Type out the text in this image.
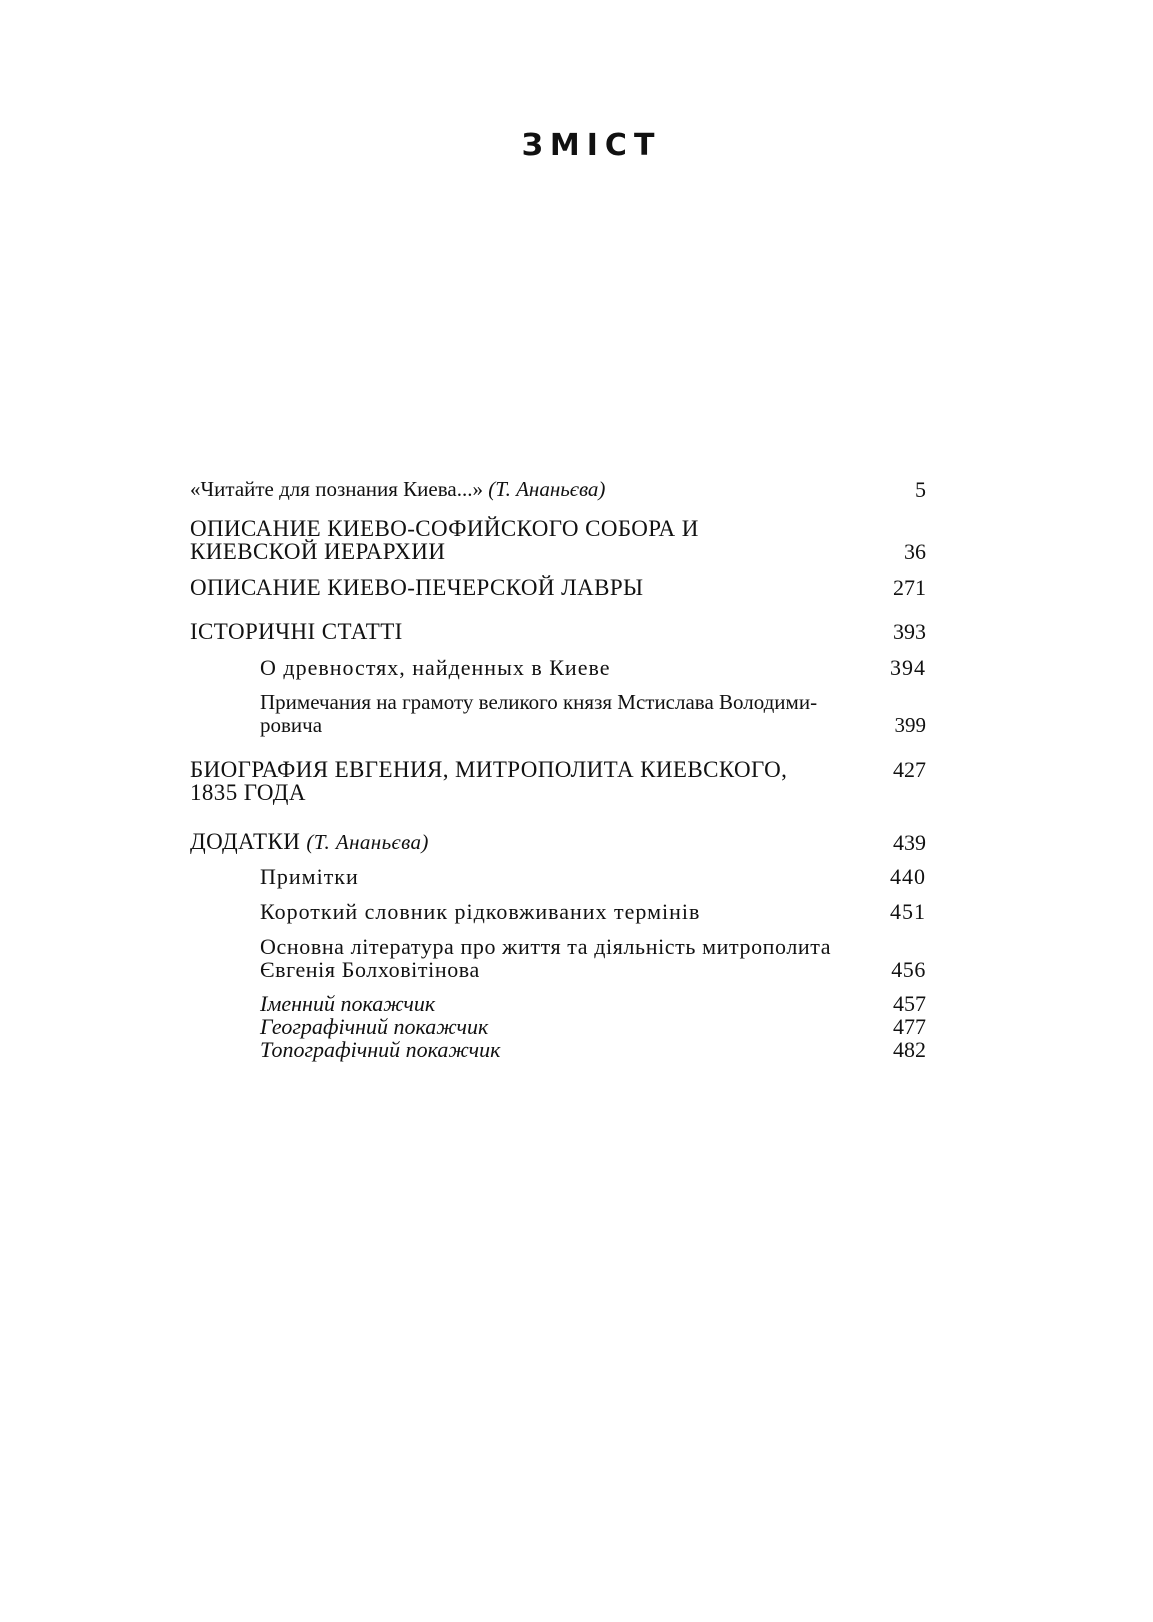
ЗМІСТ
«Читайте для познания Киева...» (Т. Ананьєва)	5
ОПИСАНИЕ КИЕВО-СОФИЙСКОГО СОБОРА И
КИЕВСКОЙ ИЕРАРХИИ	36
ОПИСАНИЕ КИЕВО-ПЕЧЕРСКОЙ ЛАВРЫ	271
ІСТОРИЧНІ СТАТТІ	393
О древностях, найденных в Киеве	394
Примечания на грамоту великого князя Мстислава Володими-
ровича	399
БИОГРАФИЯ ЕВГЕНИЯ, МИТРОПОЛИТА КИЕВСКОГО,
1835 ГОДА
427
ДОДАТКИ (Т. Ананьєва)	439
Примітки	440
Короткий словник рідковживаних термінів	451
Основна література про життя та діяльність митрополита
Євгенія Болховітінова	456
Іменний покажчик	457
Географічний покажчик	477
Топографічний покажчик	482
